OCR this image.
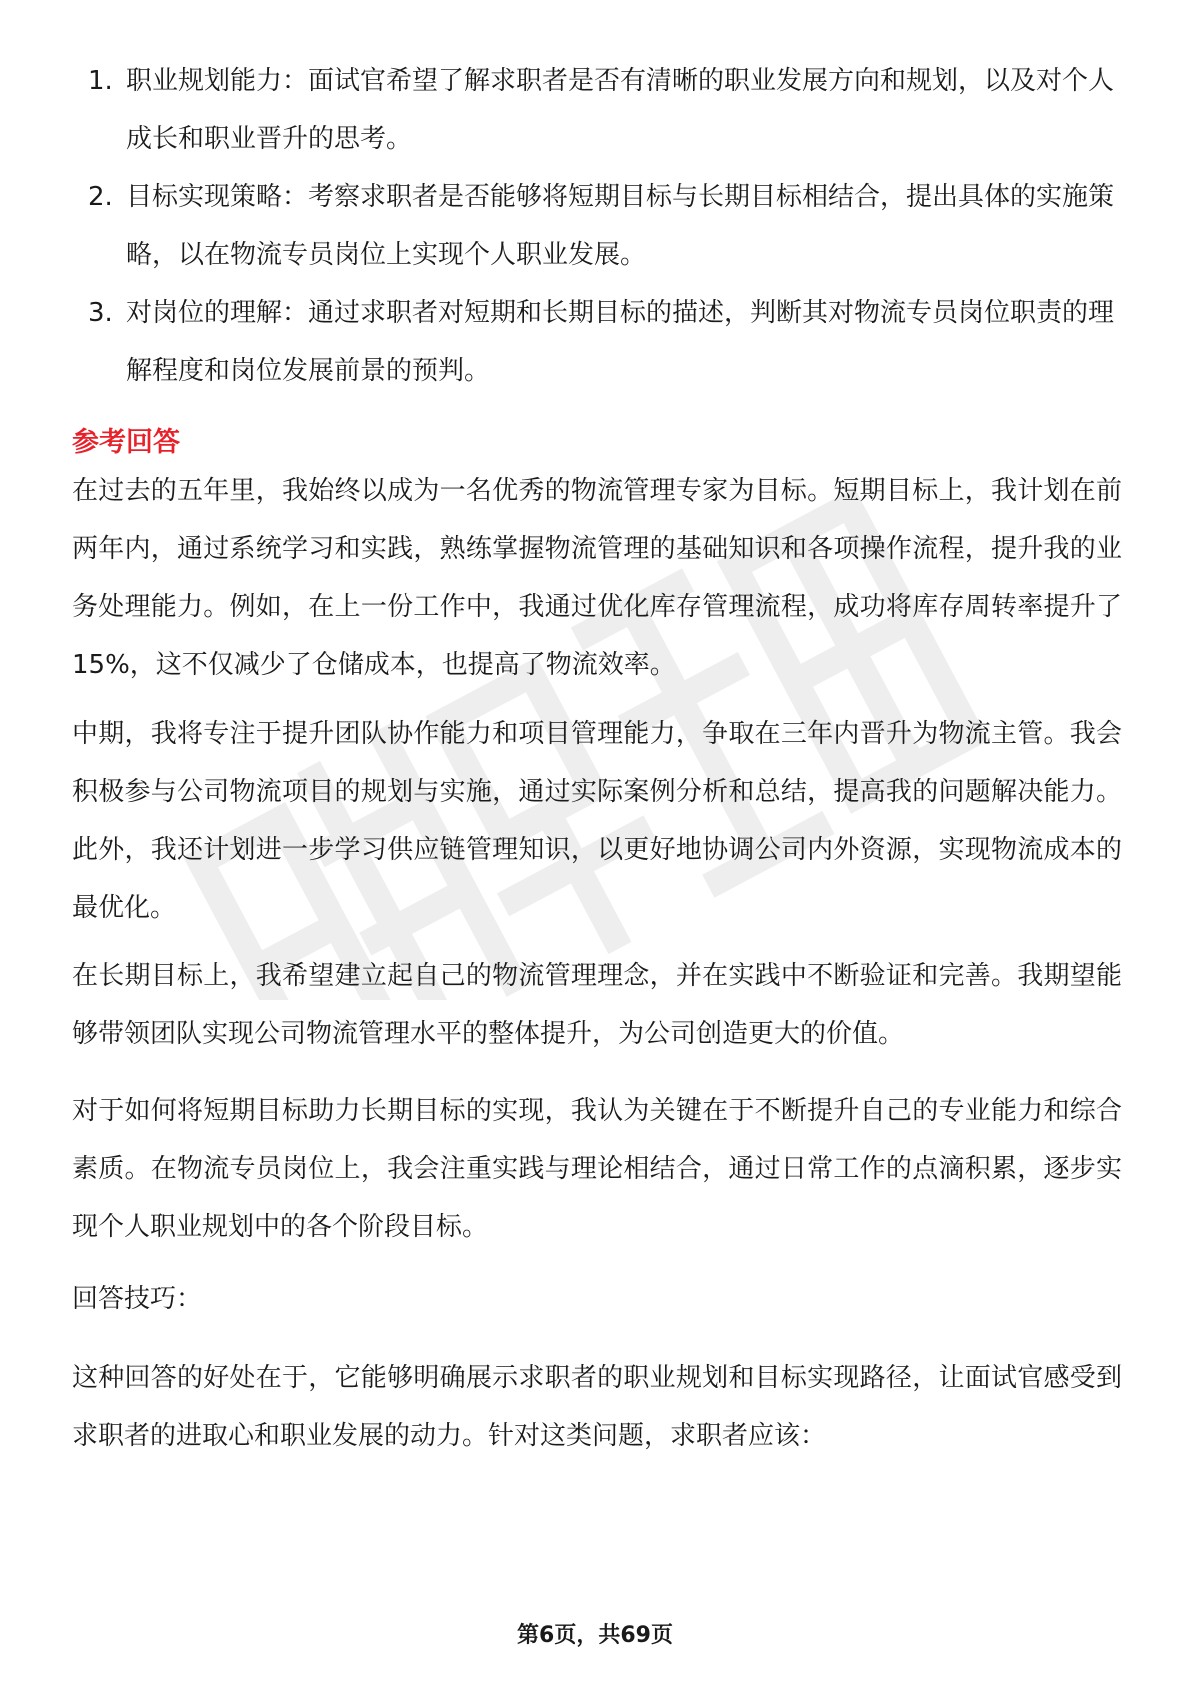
1. 职业规划能力：面试官希望了解求职者是否有清晰的职业发展方向和规划，以及对个人成长和职业晋升的思考。
2. 目标实现策略：考察求职者是否能够将短期目标与长期目标相结合，提出具体的实施策略，以在物流专员岗位上实现个人职业发展。
3. 对岗位的理解：通过求职者对短期和长期目标的描述，判断其对物流专员岗位职责的理解程度和岗位发展前景的预判。
参考回答

在过去的五年里，我始终以成为一名优秀的物流管理专家为目标。短期目标上，我计划在前两年内，通过系统学习和实践，熟练掌握物流管理的基础知识和各项操作流程，提升我的业务处理能力。例如，在上一份工作中，我通过优化库存管理流程，成功将库存周转率提升了15%，这不仅减少了仓储成本，也提高了物流效率。

中期，我将专注于提升团队协作能力和项目管理能力，争取在三年内晋升为物流主管。我会积极参与公司物流项目的规划与实施，通过实际案例分析和总结，提高我的问题解决能力。此外，我还计划进一步学习供应链管理知识，以更好地协调公司内外资源，实现物流成本的最优化。

在长期目标上，我希望建立起自己的物流管理理念，并在实践中不断验证和完善。我期望能够带领团队实现公司物流管理水平的整体提升，为公司创造更大的价值。

对于如何将短期目标助力长期目标的实现，我认为关键在于不断提升自己的专业能力和综合素质。在物流专员岗位上，我会注重实践与理论相结合，通过日常工作的点滴积累，逐步实现个人职业规划中的各个阶段目标。

回答技巧：

这种回答的好处在于，它能够明确展示求职者的职业规划和目标实现路径，让面试官感受到求职者的进取心和职业发展的动力。针对这类问题，求职者应该：

第6页，共69页
